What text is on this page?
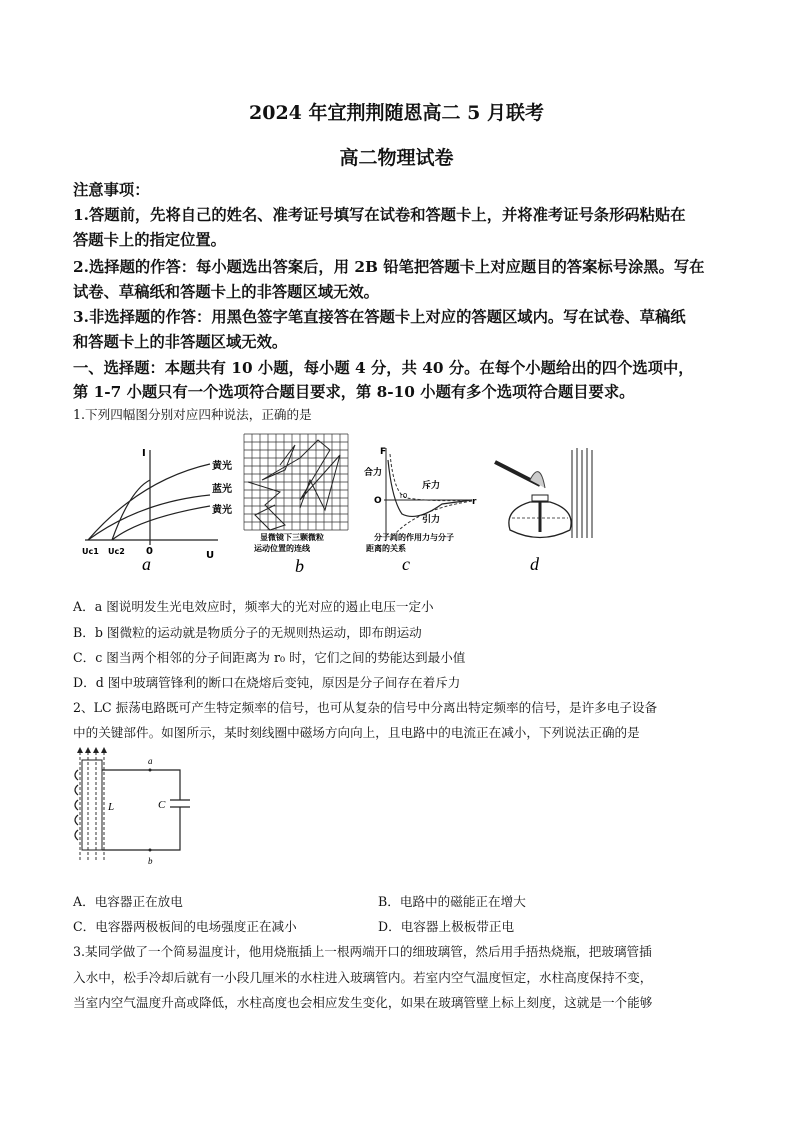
2024 年宜荆荆随恩高二 5 月联考
高二物理试卷
注意事项：
1.答题前，先将自己的姓名、准考证号填写在试卷和答题卡上，并将准考证号条形码粘贴在
答题卡上的指定位置。
2.选择题的作答：每小题选出答案后，用 2B 铅笔把答题卡上对应题目的答案标号涂黑。写在
试卷、草稿纸和答题卡上的非答题区域无效。
3.非选择题的作答：用黑色签字笔直接答在答题卡上对应的答题区域内。写在试卷、草稿纸
和答题卡上的非答题区域无效。
一、选择题：本题共有 10 小题，每小题 4 分，共 40 分。在每个小题给出的四个选项中，
第 1-7 小题只有一个选项符合题目要求，第 8-10 小题有多个选项符合题目要求。
1.下列四幅图分别对应四种说法，正确的是
I
U
0
黄光
蓝光
黄光
Uc1 Uc2
a
显微镜下三颗微粒
运动位置的连线
b
F
r
O	r0
合力
斥力
引力
分子间的作用力与分子
距离的关系
c	d
A．a 图说明发生光电效应时，频率大的光对应的遏止电压一定小
B．b 图微粒的运动就是物质分子的无规则热运动，即布朗运动
C．c 图当两个相邻的分子间距离为 r₀ 时，它们之间的势能达到最小值
D．d 图中玻璃管锋利的断口在烧熔后变钝，原因是分子间存在着斥力
2、LC 振荡电路既可产生特定频率的信号，也可从复杂的信号中分离出特定频率的信号，是许多电子设备
中的关键部件。如图所示，某时刻线圈中磁场方向向上，且电路中的电流正在减小，下列说法正确的是
a
b
L	C
A．电容器正在放电	B．电路中的磁能正在增大
C．电容器两极板间的电场强度正在减小	D．电容器上极板带正电
3.某同学做了一个简易温度计，他用烧瓶插上一根两端开口的细玻璃管，然后用手捂热烧瓶，把玻璃管插
入水中，松手冷却后就有一小段几厘米的水柱进入玻璃管内。若室内空气温度恒定，水柱高度保持不变，
当室内空气温度升高或降低，水柱高度也会相应发生变化，如果在玻璃管壁上标上刻度，这就是一个能够
